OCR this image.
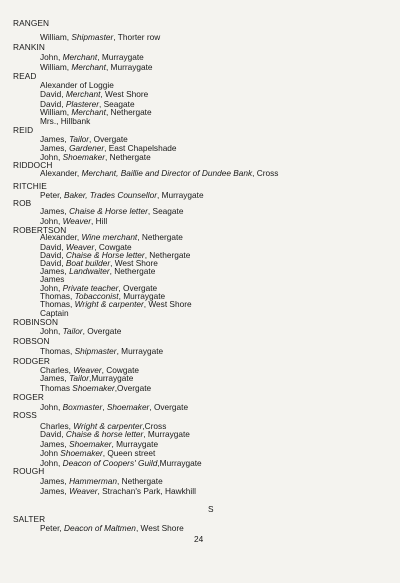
RANGEN
William, Shipmaster, Thorter row
RANKIN
John, Merchant, Murraygate
William, Merchant, Murraygate
READ
Alexander of Loggie
David, Merchant, West Shore
David, Plasterer, Seagate
William, Merchant, Nethergate
Mrs., Hillbank
REID
James, Tailor, Overgate
James, Gardener, East Chapelshade
John, Shoemaker, Nethergate
RIDDOCH
Alexander, Merchant, Baillie and Director of Dundee Bank, Cross
RITCHIE
Peter, Baker, Trades Counsellor, Murraygate
ROB
James, Chaise & Horse letter, Seagate
John, Weaver, Hill
ROBERTSON
Alexander, Wine merchant, Nethergate
David, Weaver, Cowgate
David, Chaise & Horse letter, Nethergate
David, Boat builder, West Shore
James, Landwaiter, Nethergate
James
John, Private teacher, Overgate
Thomas, Tobacconist, Murraygate
Thomas, Wright & carpenter, West Shore
Captain
ROBINSON
John, Tailor, Overgate
ROBSON
Thomas, Shipmaster, Murraygate
RODGER
Charles, Weaver, Cowgate
James, Tailor,Murraygate
Thomas Shoemaker,Overgate
ROGER
John, Boxmaster, Shoemaker, Overgate
ROSS
Charles, Wright & carpenter,Cross
David, Chaise & horse letter, Murraygate
James, Shoemaker, Murraygate
John Shoemaker, Queen street
John, Deacon of Coopers' Guild,Murraygate
ROUGH
James, Hammerman, Nethergate
James, Weaver, Strachan's Park, Hawkhill
S
SALTER
Peter, Deacon of Maltmen, West Shore
24
